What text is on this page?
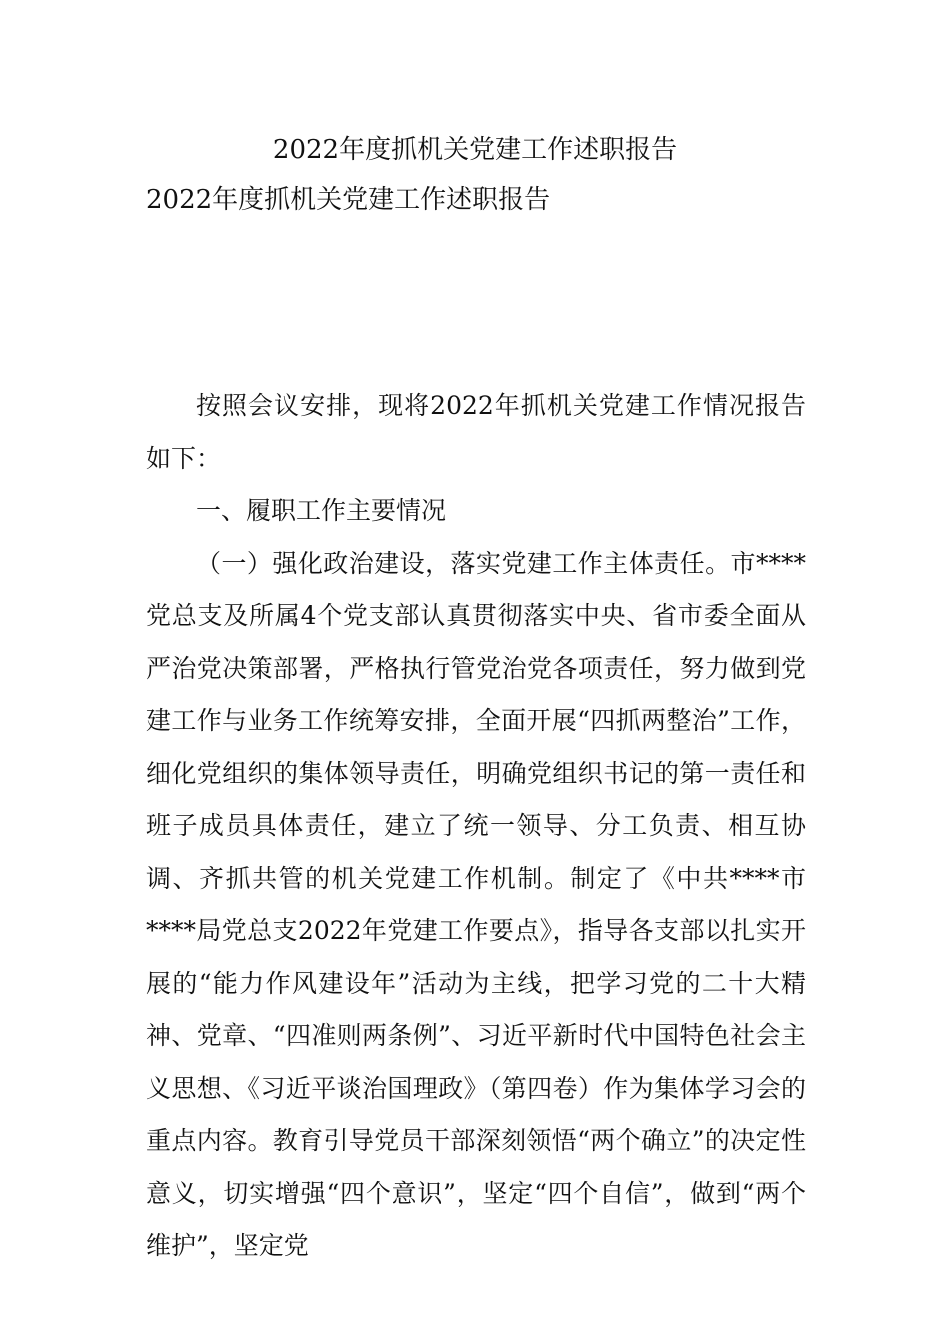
2022年度抓机关党建工作述职报告
2022年度抓机关党建工作述职报告

按照会议安排，现将2022年抓机关党建工作情况报告如下：

一、履职工作主要情况

（一）强化政治建设，落实党建工作主体责任。市****党总支及所属4个党支部认真贯彻落实中央、省市委全面从严治党决策部署，严格执行管党治党各项责任，努力做到党建工作与业务工作统筹安排，全面开展“四抓两整治”工作，细化党组织的集体领导责任，明确党组织书记的第一责任和班子成员具体责任，建立了统一领导、分工负责、相互协调、齐抓共管的机关党建工作机制。制定了《中共****市****局党总支2022年党建工作要点》，指导各支部以扎实开展的“能力作风建设年”活动为主线，把学习党的二十大精神、党章、“四准则两条例”、习近平新时代中国特色社会主义思想、《习近平谈治国理政》（第四卷）作为集体学习会的重点内容。教育引导党员干部深刻领悟“两个确立”的决定性意义，切实增强“四个意识”，坚定“四个自信”，做到“两个维护”，坚定党
